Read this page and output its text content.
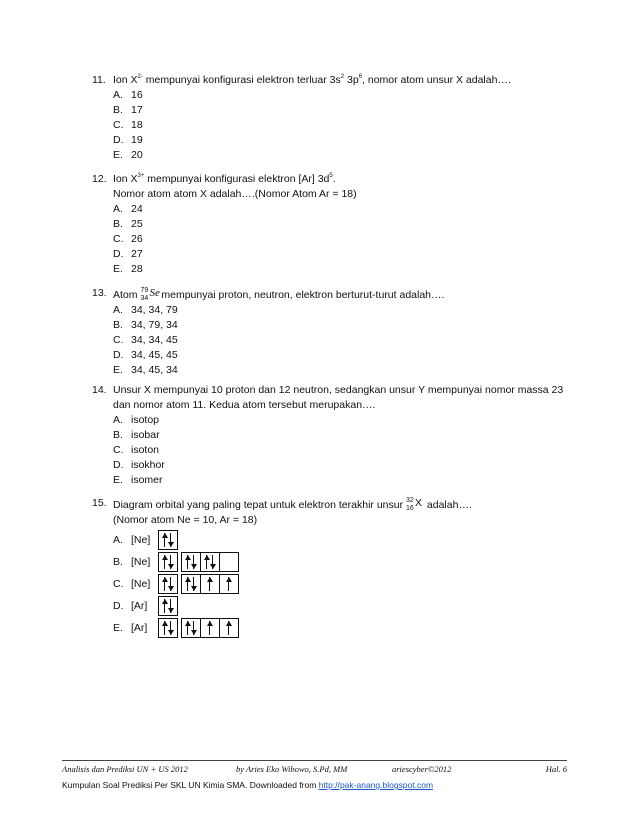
11. Ion $X^{2-}$ mempunyai konfigurasi elektron terluar $3s^2$ $3p^6$, nomor atom unsur X adalah….
A. 16
B. 17
C. 18
D. 19
E. 20
12. Ion $X^{3+}$ mempunyai konfigurasi elektron [Ar] $3d^5$.
Nomor atom atom X adalah….(Nomor Atom Ar = 18)
A. 24
B. 25
C. 26
D. 27
E. 28
13. Atom 79
34 Se
mempunyai proton, neutron, elektron berturut-turut adalah….
A. 34, 34, 79
B. 34, 79, 34
C. 34, 34, 45
D. 34, 45, 45
E. 34, 45, 34
14. Unsur X mempunyai 10 proton dan 12 neutron, sedangkan unsur Y mempunyai nomor massa 23
dan nomor atom 11. Kedua atom tersebut merupakan….
A. isotop
B. isobar
C. isoton
D. isokhor
E. isomer
15. Diagram orbital yang paling tepat untuk elektron terakhir unsur 32
16 X adalah….
(Nomor atom Ne = 10, Ar = 18)
A. [Ne]
B. [Ne]
C. [Ne]
D. [Ar]
E. [Ar]
Analisis dan Prediksi UN + US 2012	by Aries Eko Wibowo, S.Pd, MM	ariescyber©2012	Hal. 6
Kumpulan Soal Prediksi Per SKL UN Kimia SMA. Downloaded from http://pak-anang.blogspot.com
